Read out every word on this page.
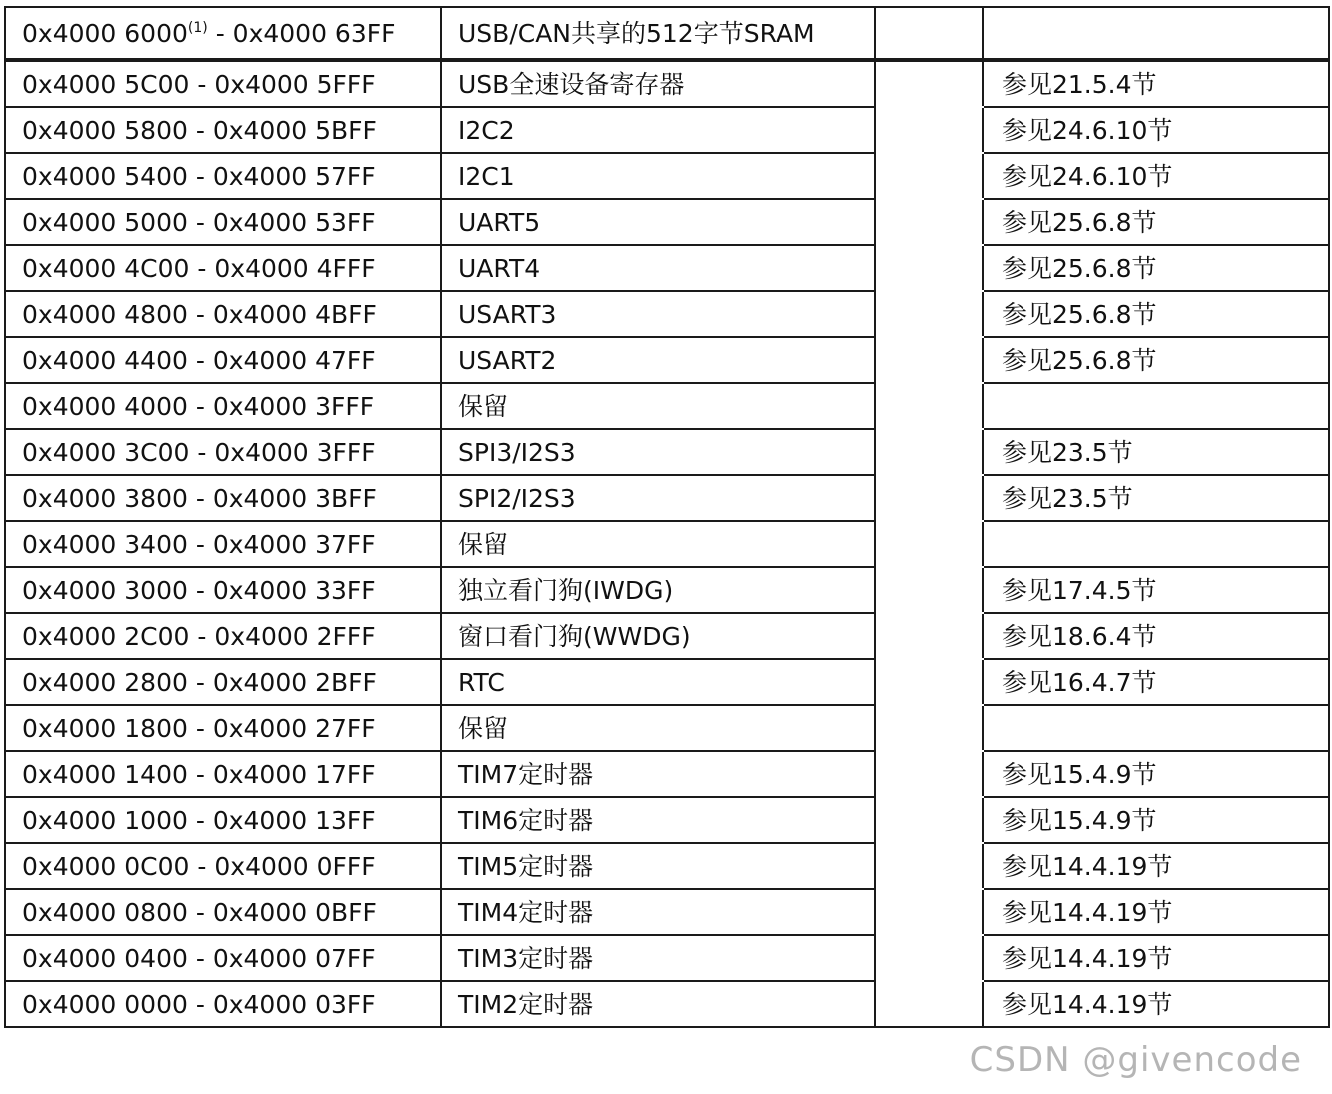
0x4000 6000$^{(1)}$ - 0x4000 63FF	USB/CAN共享的512字节SRAM		
0x4000 5C00 - 0x4000 5FFF	USB全速设备寄存器		参见21.5.4节
0x4000 5800 - 0x4000 5BFF	I2C2		参见24.6.10节
0x4000 5400 - 0x4000 57FF	I2C1		参见24.6.10节
0x4000 5000 - 0x4000 53FF	UART5		参见25.6.8节
0x4000 4C00 - 0x4000 4FFF	UART4		参见25.6.8节
0x4000 4800 - 0x4000 4BFF	USART3		参见25.6.8节
0x4000 4400 - 0x4000 47FF	USART2		参见25.6.8节
0x4000 4000 - 0x4000 3FFF	保留		
0x4000 3C00 - 0x4000 3FFF	SPI3/I2S3		参见23.5节
0x4000 3800 - 0x4000 3BFF	SPI2/I2S3		参见23.5节
0x4000 3400 - 0x4000 37FF	保留		
0x4000 3000 - 0x4000 33FF	独立看门狗(IWDG)		参见17.4.5节
0x4000 2C00 - 0x4000 2FFF	窗口看门狗(WWDG)		参见18.6.4节
0x4000 2800 - 0x4000 2BFF	RTC		参见16.4.7节
0x4000 1800 - 0x4000 27FF	保留		
0x4000 1400 - 0x4000 17FF	TIM7定时器		参见15.4.9节
0x4000 1000 - 0x4000 13FF	TIM6定时器		参见15.4.9节
0x4000 0C00 - 0x4000 0FFF	TIM5定时器		参见14.4.19节
0x4000 0800 - 0x4000 0BFF	TIM4定时器		参见14.4.19节
0x4000 0400 - 0x4000 07FF	TIM3定时器		参见14.4.19节
0x4000 0000 - 0x4000 03FF	TIM2定时器		参见14.4.19节
CSDN @givencode
